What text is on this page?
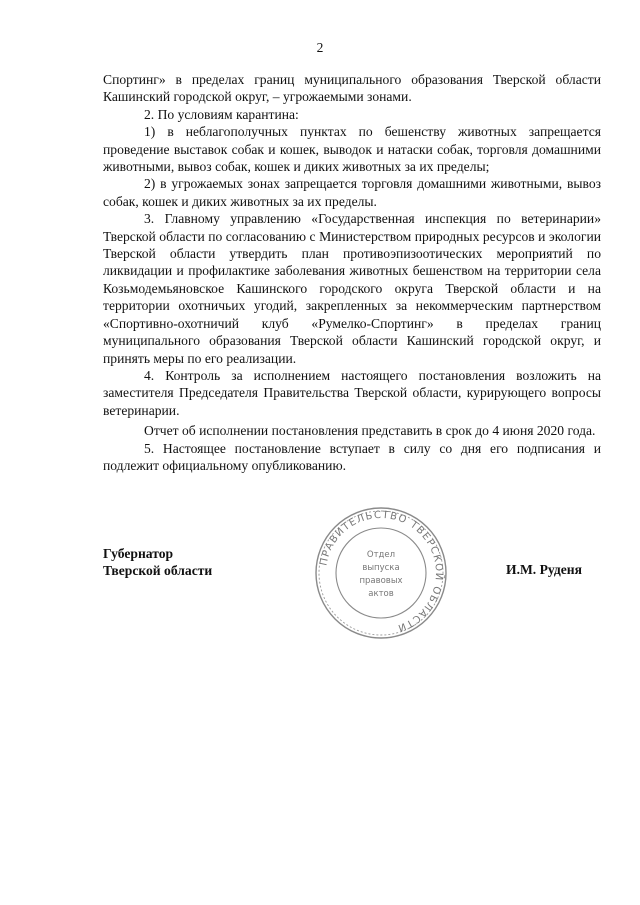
2

Спортинг» в пределах границ муниципального образования Тверской области Кашинский городской округ, – угрожаемыми зонами.

2. По условиям карантина:

1) в неблагополучных пунктах по бешенству животных запрещается проведение выставок собак и кошек, выводок и натаски собак, торговля домашними животными, вывоз собак, кошек и диких животных за их пределы;

2) в угрожаемых зонах запрещается торговля домашними животными, вывоз собак, кошек и диких животных за их пределы.

3. Главному управлению «Государственная инспекция по ветеринарии» Тверской области по согласованию с Министерством природных ресурсов и экологии Тверской области утвердить план противоэпизоотических мероприятий по ликвидации и профилактике заболевания животных бешенством на территории села Козьмодемьяновское Кашинского городского округа Тверской области и на территории охотничьих угодий, закрепленных за некоммерческим партнерством «Спортивно-охотничий клуб «Румелко-Спортинг» в пределах границ муниципального образования Тверской области Кашинский городской округ, и принять меры по его реализации.

4. Контроль за исполнением настоящего постановления возложить на заместителя Председателя Правительства Тверской области, курирующего вопросы ветеринарии.

Отчет об исполнении постановления представить в срок до 4 июня 2020 года.

5. Настоящее постановление вступает в силу со дня его подписания и подлежит официальному опубликованию.

Губернатор
Тверской области	И.М. Руденя
ПРАВИТЕЛЬСТВО ТВЕРСКОЙ ОБЛАСТИ
Отдел
выпуска
правовых
актов
